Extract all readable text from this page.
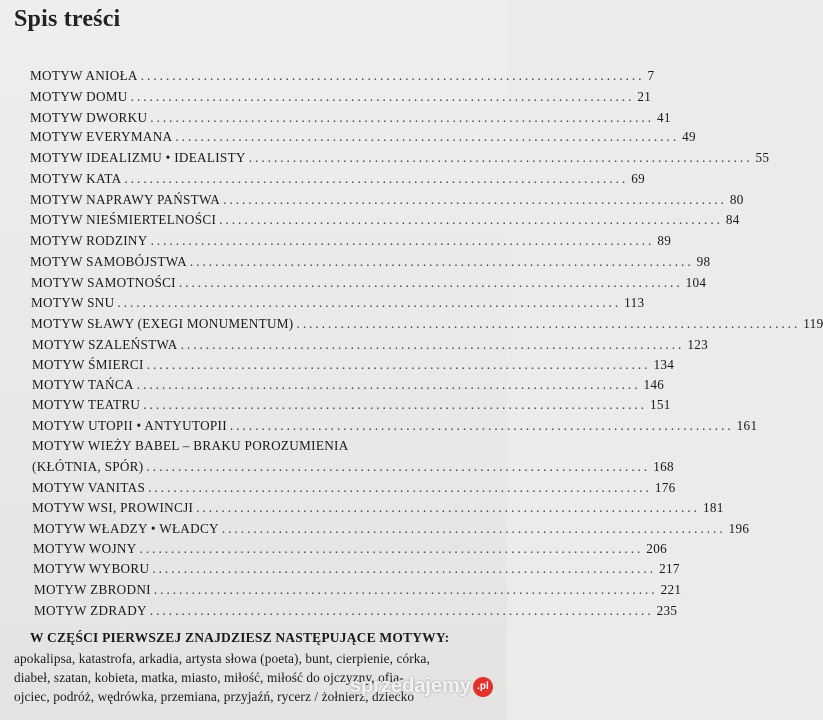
Spis treści
MOTYW ANIOŁA ................................................................................ 7
MOTYW DOMU ................................................................................ 21
MOTYW DWORKU ................................................................................ 41
MOTYW EVERYMANA ................................................................................ 49
MOTYW IDEALIZMU • IDEALISTY ................................................................................ 55
MOTYW KATA ................................................................................ 69
MOTYW NAPRAWY PAŃSTWA ................................................................................ 80
MOTYW NIEŚMIERTELNOŚCI ................................................................................ 84
MOTYW RODZINY ................................................................................ 89
MOTYW SAMOBÓJSTWA ................................................................................ 98
MOTYW SAMOTNOŚCI ................................................................................ 104
MOTYW SNU ................................................................................ 113
MOTYW SŁAWY (EXEGI MONUMENTUM) ................................................................................ 119
MOTYW SZALEŃSTWA ................................................................................ 123
MOTYW ŚMIERCI ................................................................................ 134
MOTYW TAŃCA ................................................................................ 146
MOTYW TEATRU ................................................................................ 151
MOTYW UTOPII • ANTYUTOPII ................................................................................ 161
MOTYW WIEŻY BABEL – BRAKU POROZUMIENIA
(KŁÓTNIA, SPÓR) ................................................................................ 168
MOTYW VANITAS ................................................................................ 176
MOTYW WSI, PROWINCJI ................................................................................ 181
MOTYW WŁADZY • WŁADCY ................................................................................ 196
MOTYW WOJNY ................................................................................ 206
MOTYW WYBORU ................................................................................ 217
MOTYW ZBRODNI ................................................................................ 221
MOTYW ZDRADY ................................................................................ 235
W CZĘŚCI PIERWSZEJ ZNAJDZIESZ NASTĘPUJĄCE MOTYWY:
apokalipsa, katastrofa, arkadia, artysta słowa (poeta), bunt, cierpienie, córka,
diabeł, szatan, kobieta, matka, miasto, miłość, miłość do ojczyzny, ofia-
ojciec, podróż, wędrówka, przemiana, przyjaźń, rycerz / żołnierz, dziecko
sprzedajemy .pl
